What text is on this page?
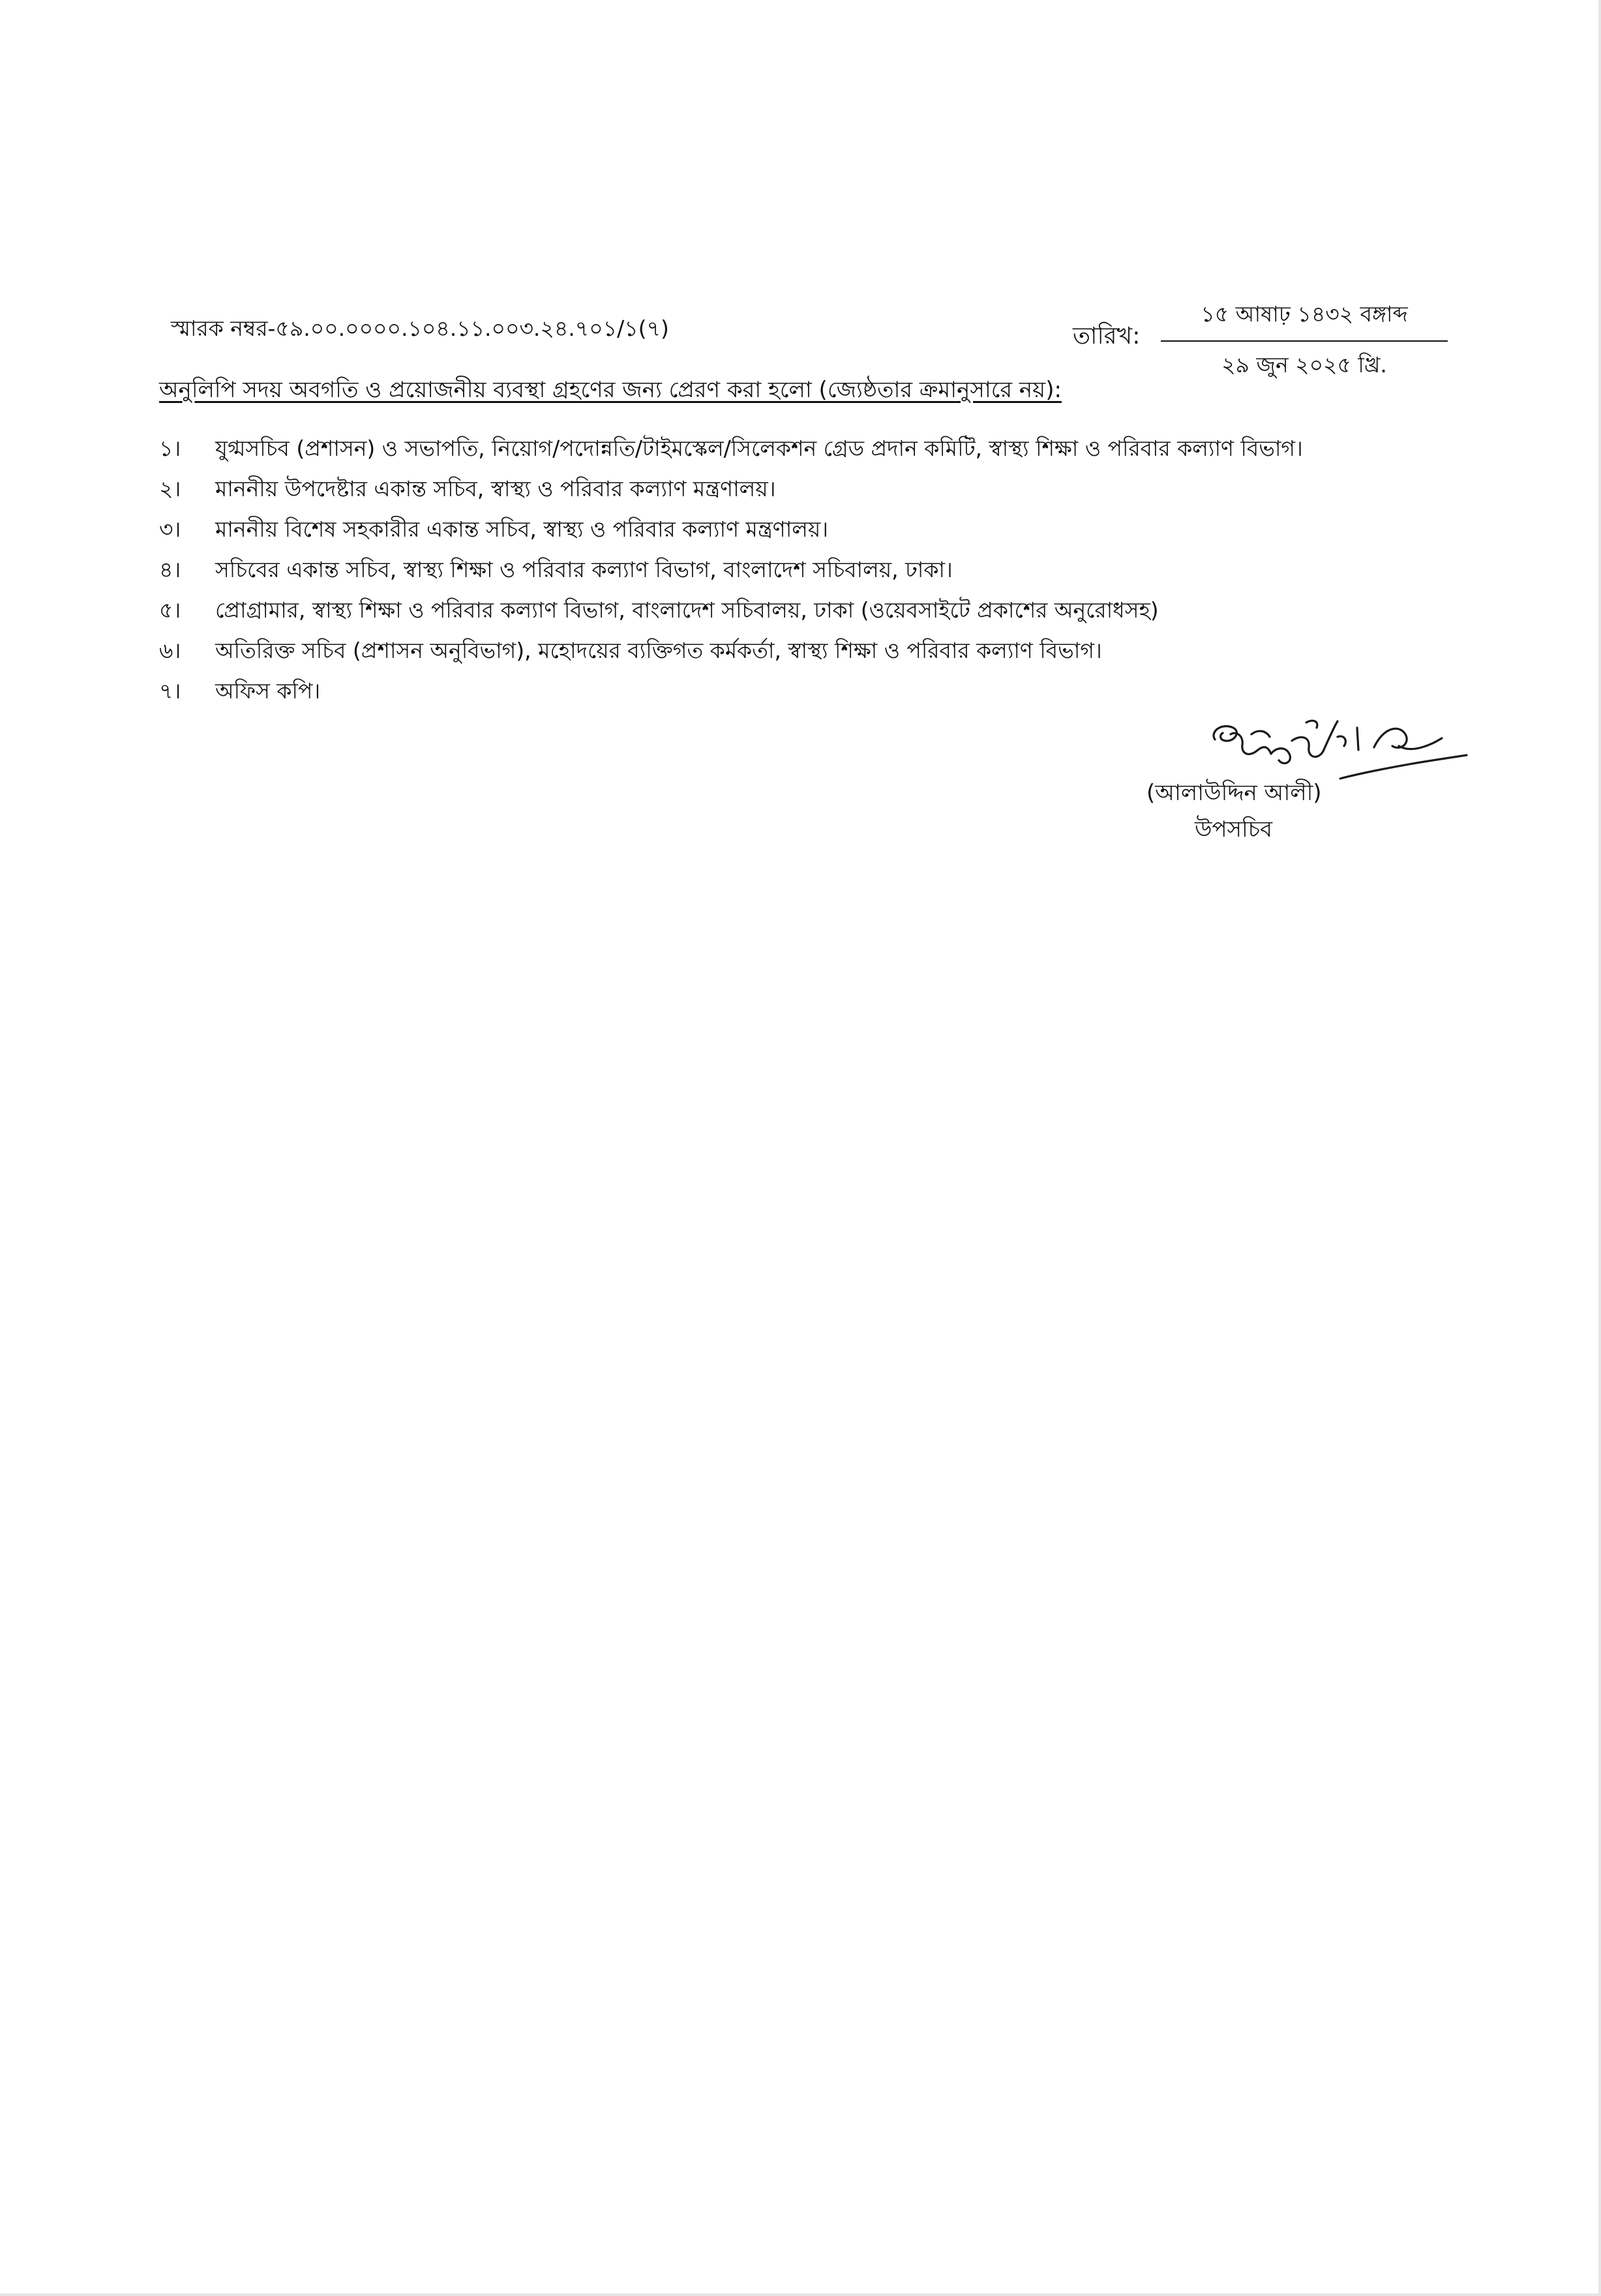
স্মারক নম্বর-৫৯.০০.০০০০.১০৪.১১.০০৩.২৪.৭০১/১(৭)	তারিখ:
১৫ আষাঢ় ১৪৩২ বঙ্গাব্দ
২৯ জুন ২০২৫ খ্রি.
অনুলিপি সদয় অবগতি ও প্রয়োজনীয় ব্যবস্থা গ্রহণের জন্য প্রেরণ করা হলো (জ্যেষ্ঠতার ক্রমানুসারে নয়):
১।	যুগ্মসচিব (প্রশাসন) ও সভাপতি, নিয়োগ/পদোন্নতি/টাইমস্কেল/সিলেকশন গ্রেড প্রদান কমিটি, স্বাস্থ্য শিক্ষা ও পরিবার কল্যাণ বিভাগ।
২।	মাননীয় উপদেষ্টার একান্ত সচিব, স্বাস্থ্য ও পরিবার কল্যাণ মন্ত্রণালয়।
৩।	মাননীয় বিশেষ সহকারীর একান্ত সচিব, স্বাস্থ্য ও পরিবার কল্যাণ মন্ত্রণালয়।
৪।	সচিবের একান্ত সচিব, স্বাস্থ্য শিক্ষা ও পরিবার কল্যাণ বিভাগ, বাংলাদেশ সচিবালয়, ঢাকা।
৫।	প্রোগ্রামার, স্বাস্থ্য শিক্ষা ও পরিবার কল্যাণ বিভাগ, বাংলাদেশ সচিবালয়, ঢাকা (ওয়েবসাইটে প্রকাশের অনুরোধসহ)
৬।	অতিরিক্ত সচিব (প্রশাসন অনুবিভাগ), মহোদয়ের ব্যক্তিগত কর্মকর্তা, স্বাস্থ্য শিক্ষা ও পরিবার কল্যাণ বিভাগ।
৭।	অফিস কপি।
(আলাউদ্দিন আলী)
উপসচিব
